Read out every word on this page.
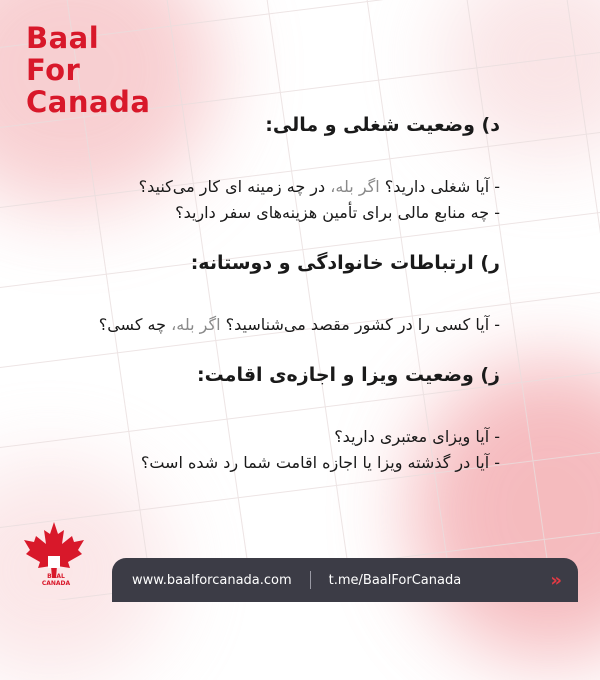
Baal
For
Canada

د) وضعیت شغلی و مالی:

- آیا شغلی دارید؟ اگر بله، در چه زمینه ای کار می‌کنید؟

- چه منابع مالی برای تأمین هزینه‌های سفر دارید؟

ر) ارتباطات خانوادگی و دوستانه:

- آیا کسی را در کشور مقصد می‌شناسید؟ اگر بله، چه کسی؟

ز) وضعیت ویزا و اجازه‌ی اقامت:

- آیا ویزای معتبری دارید؟

- آیا در گذشته ویزا یا اجازه اقامت شما رد شده است؟

BAAL
CANADA	www.baalforcanada.com	t.me/BaalForCanada	»
